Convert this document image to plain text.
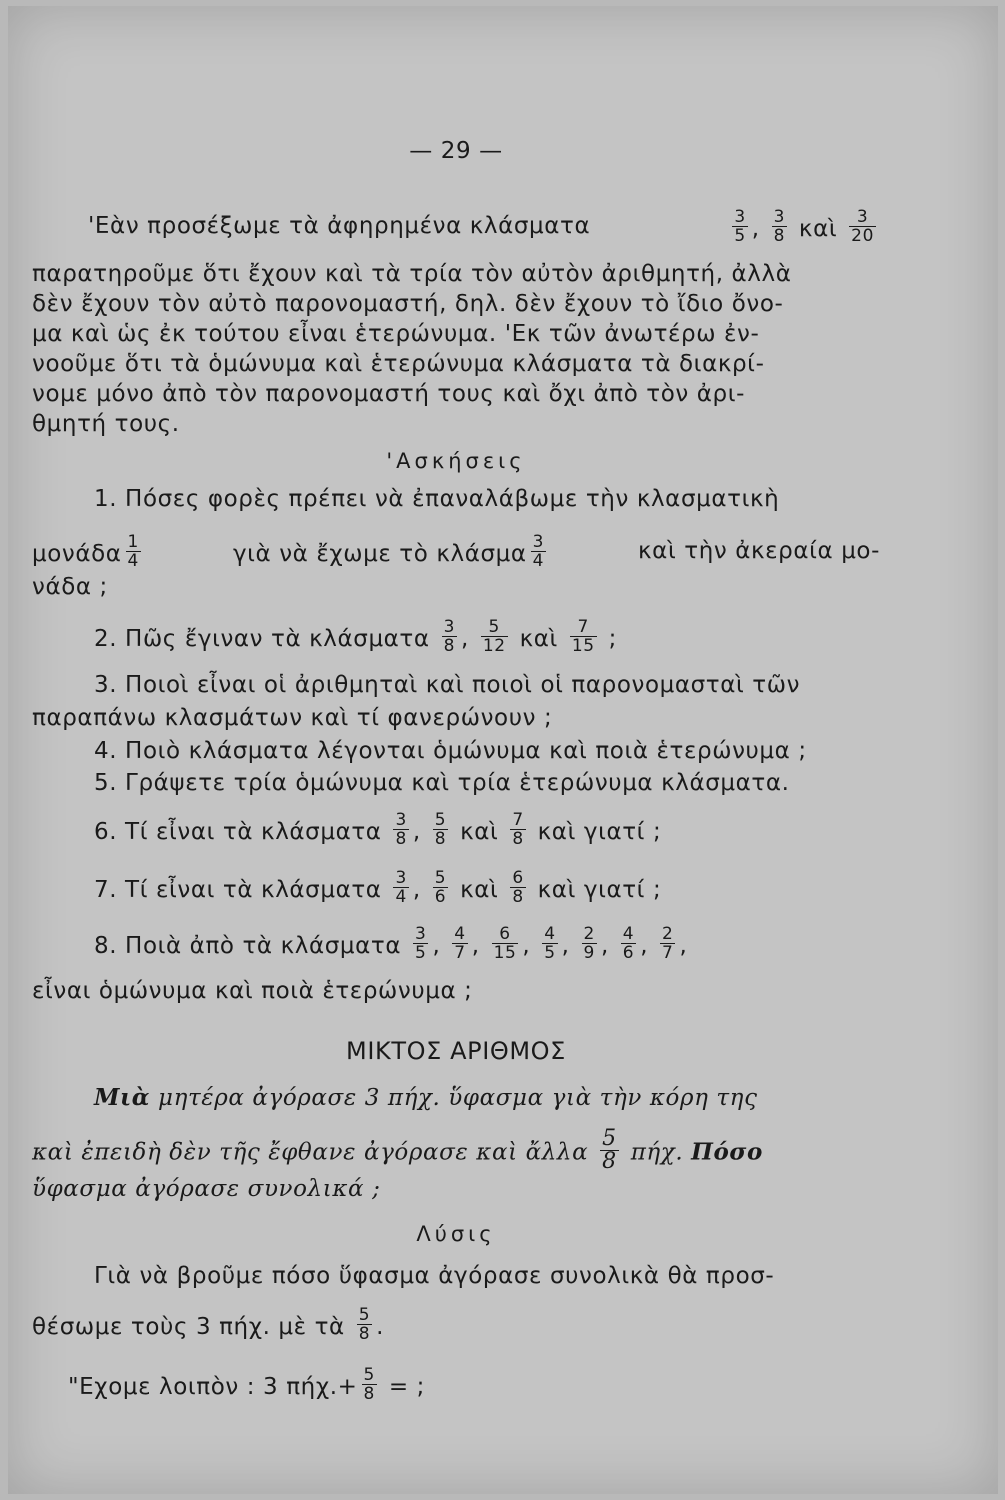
— 29 —
'Εὰν προσέξωμε τὰ ἀφηρημένα κλάσματα	$\frac{3}{5}$ , $\frac{3}{8}$ καὶ $\frac{3}{20}$
παρατηροῦμε ὅτι ἔχουν καὶ τὰ τρία τὸν αὐτὸν ἀριθμητή, ἀλλὰ
δὲν ἔχουν τὸν αὐτὸ παρονομαστή, δηλ. δὲν ἔχουν τὸ ἴδιο ὄνο-
μα καὶ ὡς ἐκ τούτου εἶναι ἑτερώνυμα. 'Εκ τῶν ἀνωτέρω ἐν-
νοοῦμε ὅτι τὰ ὁμώνυμα καὶ ἑτερώνυμα κλάσματα τὰ διακρί-
νομε μόνο ἀπὸ τὸν παρονομαστή τους καὶ ὄχι ἀπὸ τὸν ἀρι-
θμητή τους.
'Ασκήσεις
1. Πόσες φορὲς πρέπει νὰ ἐπαναλάβωμε τὴν κλασματικὴ
μονάδα $\frac{1}{4}$	γιὰ νὰ ἔχωμε τὸ κλάσμα $\frac{3}{4}$	καὶ τὴν ἀκεραία μο-
νάδα ;
2. Πῶς ἔγιναν τὰ κλάσματα $\frac{3}{8}$ , $\frac{5}{12}$ καὶ $\frac{7}{15}$ ;
3. Ποιοὶ εἶναι οἱ ἀριθμηταὶ καὶ ποιοὶ οἱ παρονομασταὶ τῶν
παραπάνω κλασμάτων καὶ τί φανερώνουν ;
4. Ποιὸ κλάσματα λέγονται ὁμώνυμα καὶ ποιὰ ἑτερώνυμα ;
5. Γράψετε τρία ὁμώνυμα καὶ τρία ἑτερώνυμα κλάσματα.
6. Τί εἶναι τὰ κλάσματα $\frac{3}{8}$ , $\frac{5}{8}$ καὶ $\frac{7}{8}$ καὶ γιατί ;
7. Τί εἶναι τὰ κλάσματα $\frac{3}{4}$ , $\frac{5}{6}$ καὶ $\frac{6}{8}$ καὶ γιατί ;
8. Ποιὰ ἀπὸ τὰ κλάσματα $\frac{3}{5}$ , $\frac{4}{7}$ , $\frac{6}{15}$ , $\frac{4}{5}$ , $\frac{2}{9}$ , $\frac{4}{6}$ , $\frac{2}{7}$ ,
εἶναι ὁμώνυμα καὶ ποιὰ ἑτερώνυμα ;
ΜΙΚΤΟΣ ΑΡΙΘΜΟΣ
Μιὰ μητέρα ἀγόρασε 3 πήχ. ὕφασμα γιὰ τὴν κόρη της
καὶ ἐπειδὴ δὲν τῆς ἔφθανε ἀγόρασε καὶ ἄλλα $\frac{5}{8} \pi ή\chi$. Πόσο
ὕφασμα ἀγόρασε συνολικά ;
Λύσις
Γιὰ νὰ βροῦμε πόσο ὕφασμα ἀγόρασε συνολικὰ θὰ προσ-
θέσωμε τοὺς 3 πήχ. μὲ τὰ $\frac{5}{8}$ .
"Εχομε λοιπὸν : 3 $\pi ή\chi.+ \frac{5}{8}$ = ;
